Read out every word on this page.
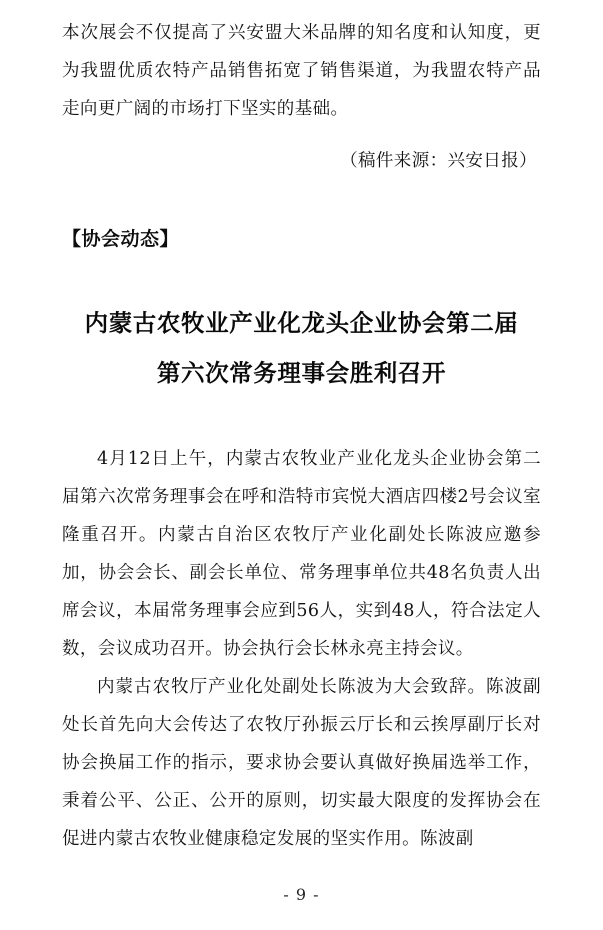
本次展会不仅提高了兴安盟大米品牌的知名度和认知度，更为我盟优质农特产品销售拓宽了销售渠道，为我盟农特产品走向更广阔的市场打下坚实的基础。

（稿件来源：兴安日报）
【协会动态】
内蒙古农牧业产业化龙头企业协会第二届
第六次常务理事会胜利召开

4月12日上午，内蒙古农牧业产业化龙头企业协会第二届第六次常务理事会在呼和浩特市宾悦大酒店四楼2号会议室隆重召开。内蒙古自治区农牧厅产业化副处长陈波应邀参加，协会会长、副会长单位、常务理事单位共48名负责人出席会议，本届常务理事会应到56人，实到48人，符合法定人数，会议成功召开。协会执行会长林永亮主持会议。

内蒙古农牧厅产业化处副处长陈波为大会致辞。陈波副处长首先向大会传达了农牧厅孙振云厅长和云挨厚副厅长对协会换届工作的指示，要求协会要认真做好换届选举工作，秉着公平、公正、公开的原则，切实最大限度的发挥协会在促进内蒙古农牧业健康稳定发展的坚实作用。陈波副

- 9 -
